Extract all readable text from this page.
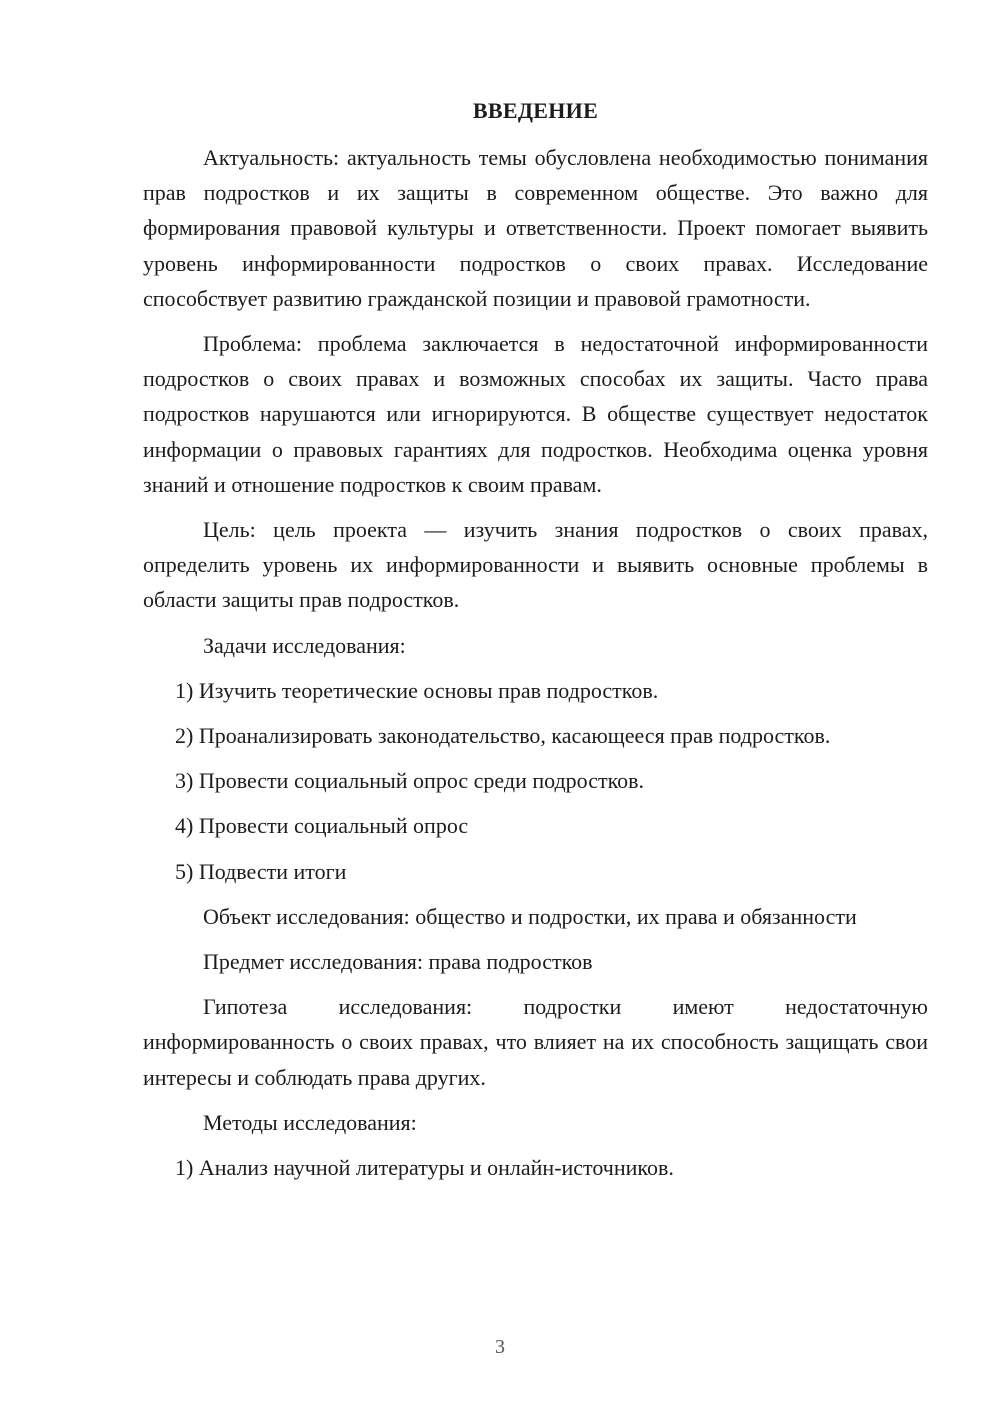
ВВЕДЕНИЕ

Актуальность: актуальность темы обусловлена необходимостью понимания прав подростков и их защиты в современном обществе. Это важно для формирования правовой культуры и ответственности. Проект помогает выявить уровень информированности подростков о своих правах. Исследование способствует развитию гражданской позиции и правовой грамотности.

Проблема: проблема заключается в недостаточной информированности подростков о своих правах и возможных способах их защиты. Часто права подростков нарушаются или игнорируются. В обществе существует недостаток информации о правовых гарантиях для подростков. Необходима оценка уровня знаний и отношение подростков к своим правам.

Цель: цель проекта — изучить знания подростков о своих правах, определить уровень их информированности и выявить основные проблемы в области защиты прав подростков.

Задачи исследования:

1) Изучить теоретические основы прав подростков.

2) Проанализировать законодательство, касающееся прав подростков.

3) Провести социальный опрос среди подростков.

4) Провести социальный опрос

5) Подвести итоги

Объект исследования: общество и подростки, их права и обязанности

Предмет исследования: права подростков

Гипотеза исследования: подростки имеют недостаточную информированность о своих правах, что влияет на их способность защищать свои интересы и соблюдать права других.

Методы исследования:

1) Анализ научной литературы и онлайн-источников.

3
